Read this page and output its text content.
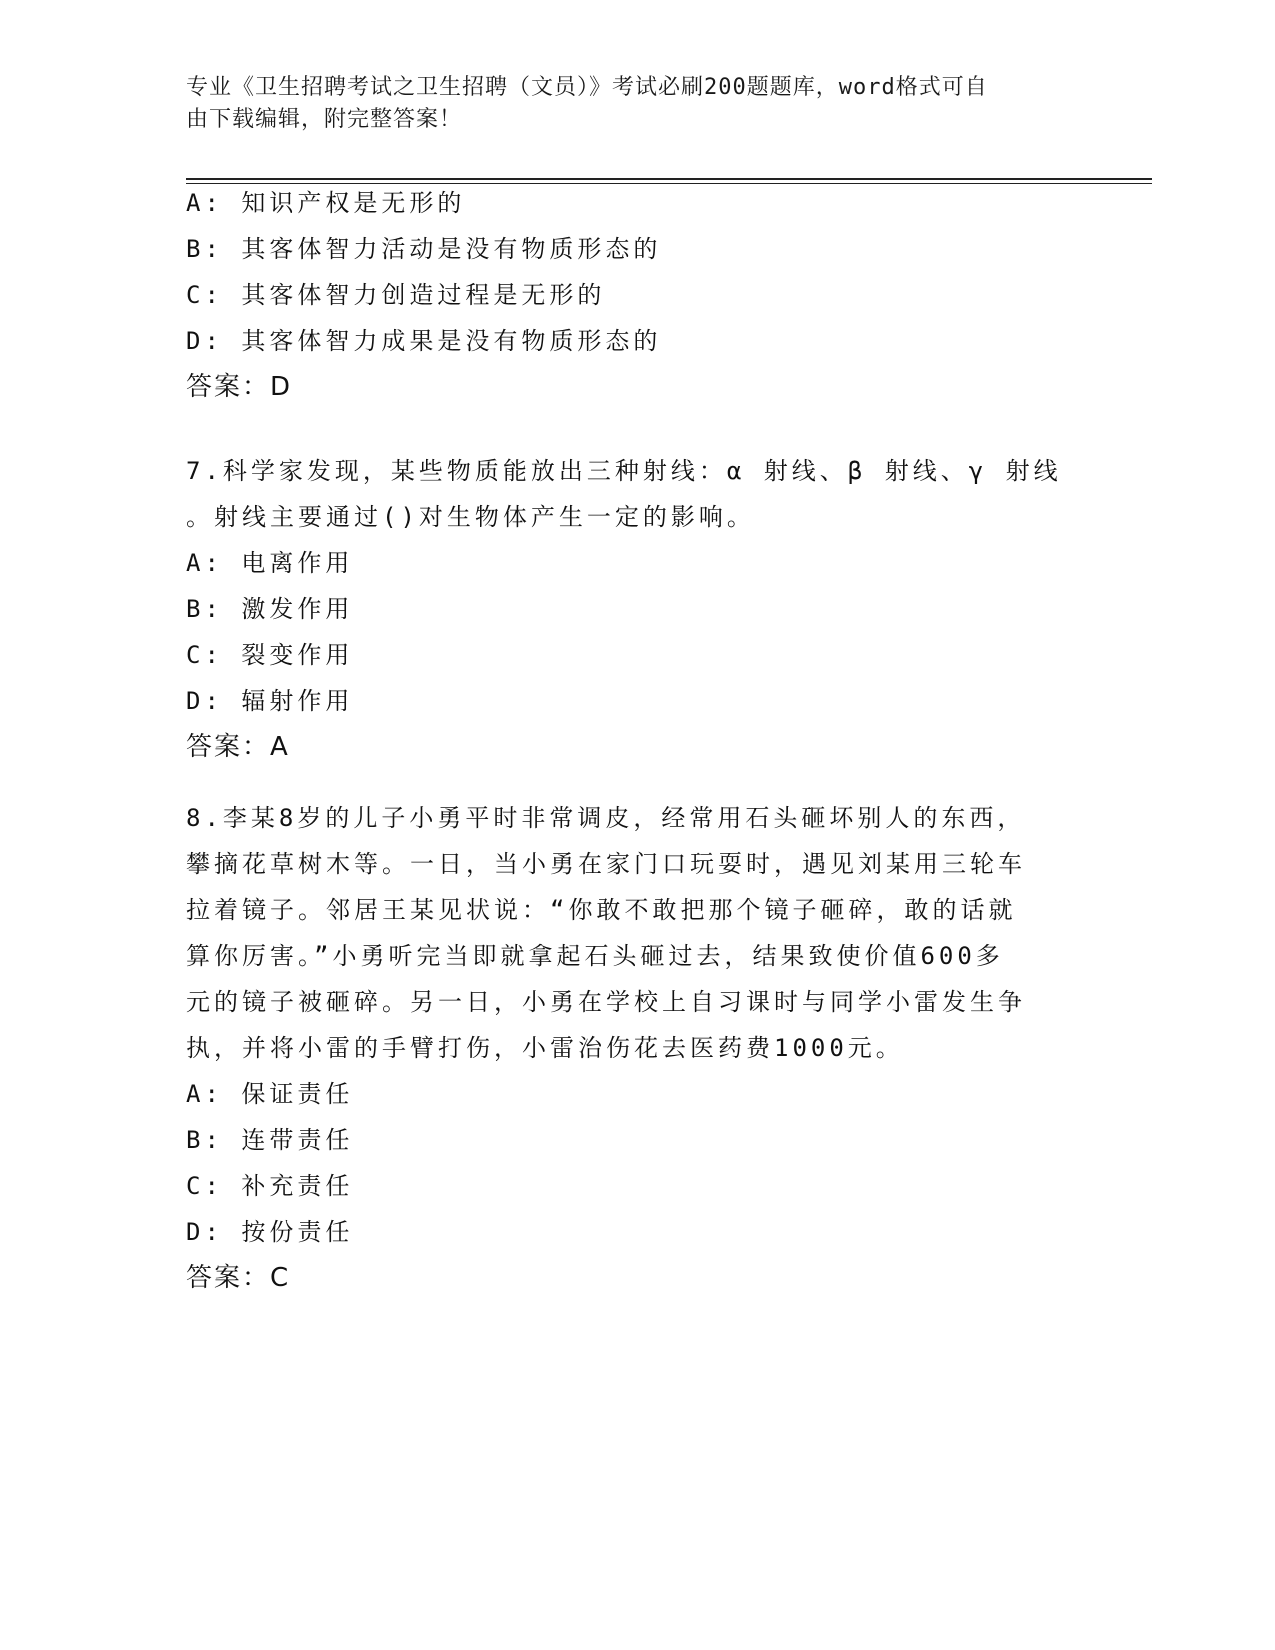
专业《卫生招聘考试之卫生招聘（文员）》考试必刷200题题库，word格式可自
由下载编辑，附完整答案！
A: 知识产权是无形的
B: 其客体智力活动是没有物质形态的
C: 其客体智力创造过程是无形的
D: 其客体智力成果是没有物质形态的
答案：D
7.科学家发现，某些物质能放出三种射线：α 射线、β 射线、γ 射线
。射线主要通过()对生物体产生一定的影响。
A: 电离作用
B: 激发作用
C: 裂变作用
D: 辐射作用
答案：A
8.李某8岁的儿子小勇平时非常调皮，经常用石头砸坏别人的东西，
攀摘花草树木等。一日，当小勇在家门口玩耍时，遇见刘某用三轮车
拉着镜子。邻居王某见状说：“你敢不敢把那个镜子砸碎，敢的话就
算你厉害。”小勇听完当即就拿起石头砸过去，结果致使价值600多
元的镜子被砸碎。另一日，小勇在学校上自习课时与同学小雷发生争
执，并将小雷的手臂打伤，小雷治伤花去医药费1000元。
A: 保证责任
B: 连带责任
C: 补充责任
D: 按份责任
答案：C
